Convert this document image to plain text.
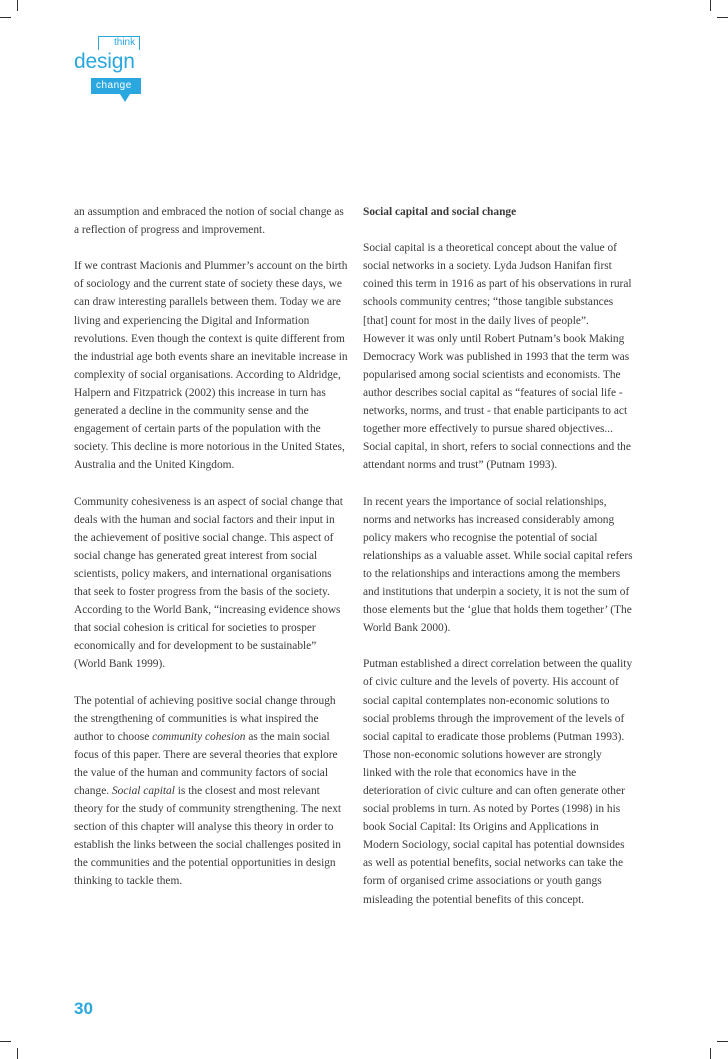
think
design
change

an assumption and embraced the notion of social change as a reflection of progress and improvement.

If we contrast Macionis and Plummer’s account on the birth of sociology and the current state of society these days, we can draw interesting parallels between them. Today we are living and experiencing the Digital and Information revolutions. Even though the context is quite different from the industrial age both events share an inevitable increase in complexity of social organisations. According to Aldridge, Halpern and Fitzpatrick (2002) this increase in turn has generated a decline in the community sense and the engagement of certain parts of the population with the society. This decline is more notorious in the United States, Australia and the United Kingdom.

Community cohesiveness is an aspect of social change that deals with the human and social factors and their input in the achievement of positive social change. This aspect of social change has generated great interest from social scientists, policy makers, and international organisations that seek to foster progress from the basis of the society. According to the World Bank, “increasing evidence shows that social cohesion is critical for societies to prosper economically and for development to be sustainable” (World Bank 1999).

The potential of achieving positive social change through the strengthening of communities is what inspired the author to choose community cohesion as the main social focus of this paper. There are several theories that explore the value of the human and community factors of social change. Social capital is the closest and most relevant theory for the study of community strengthening. The next section of this chapter will analyse this theory in order to establish the links between the social challenges posited in the communities and the potential opportunities in design thinking to tackle them.

Social capital and social change

Social capital is a theoretical concept about the value of social networks in a society. Lyda Judson Hanifan first coined this term in 1916 as part of his observations in rural schools community centres; “those tangible substances [that] count for most in the daily lives of people”. However it was only until Robert Putnam’s book Making Democracy Work was published in 1993 that the term was popularised among social scientists and economists. The author describes social capital as “features of social life - networks, norms, and trust - that enable participants to act together more effectively to pursue shared objectives... Social capital, in short, refers to social connections and the attendant norms and trust” (Putnam 1993).

In recent years the importance of social relationships, norms and networks has increased considerably among policy makers who recognise the potential of social relationships as a valuable asset. While social capital refers to the relationships and interactions among the members and institutions that underpin a society, it is not the sum of those elements but the ‘glue that holds them together’ (The World Bank 2000).

Putman established a direct correlation between the quality of civic culture and the levels of poverty. His account of social capital contemplates non-economic solutions to social problems through the improvement of the levels of social capital to eradicate those problems (Putman 1993). Those non-economic solutions however are strongly linked with the role that economics have in the deterioration of civic culture and can often generate other social problems in turn. As noted by Portes (1998) in his book Social Capital: Its Origins and Applications in Modern Sociology, social capital has potential downsides as well as potential benefits, social networks can take the form of organised crime associations or youth gangs misleading the potential benefits of this concept.

30
